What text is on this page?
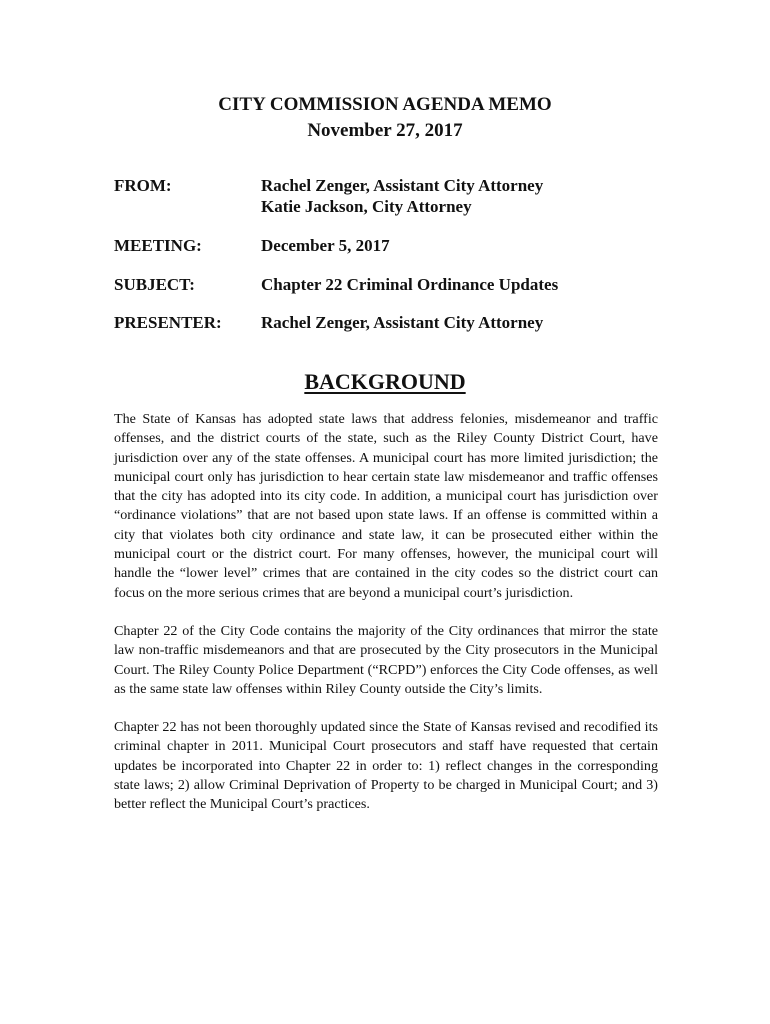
CITY COMMISSION AGENDA MEMO
November 27, 2017
FROM:	Rachel Zenger, Assistant City Attorney
Katie Jackson, City Attorney
MEETING:	December 5, 2017
SUBJECT:	Chapter 22 Criminal Ordinance Updates
PRESENTER:	Rachel Zenger, Assistant City Attorney
BACKGROUND

The State of Kansas has adopted state laws that address felonies, misdemeanor and traffic offenses, and the district courts of the state, such as the Riley County District Court, have jurisdiction over any of the state offenses. A municipal court has more limited jurisdiction; the municipal court only has jurisdiction to hear certain state law misdemeanor and traffic offenses that the city has adopted into its city code. In addition, a municipal court has jurisdiction over “ordinance violations” that are not based upon state laws. If an offense is committed within a city that violates both city ordinance and state law, it can be prosecuted either within the municipal court or the district court. For many offenses, however, the municipal court will handle the “lower level” crimes that are contained in the city codes so the district court can focus on the more serious crimes that are beyond a municipal court’s jurisdiction.

Chapter 22 of the City Code contains the majority of the City ordinances that mirror the state law non-traffic misdemeanors and that are prosecuted by the City prosecutors in the Municipal Court. The Riley County Police Department (“RCPD”) enforces the City Code offenses, as well as the same state law offenses within Riley County outside the City’s limits.

Chapter 22 has not been thoroughly updated since the State of Kansas revised and recodified its criminal chapter in 2011. Municipal Court prosecutors and staff have requested that certain updates be incorporated into Chapter 22 in order to: 1) reflect changes in the corresponding state laws; 2) allow Criminal Deprivation of Property to be charged in Municipal Court; and 3) better reflect the Municipal Court’s practices.
